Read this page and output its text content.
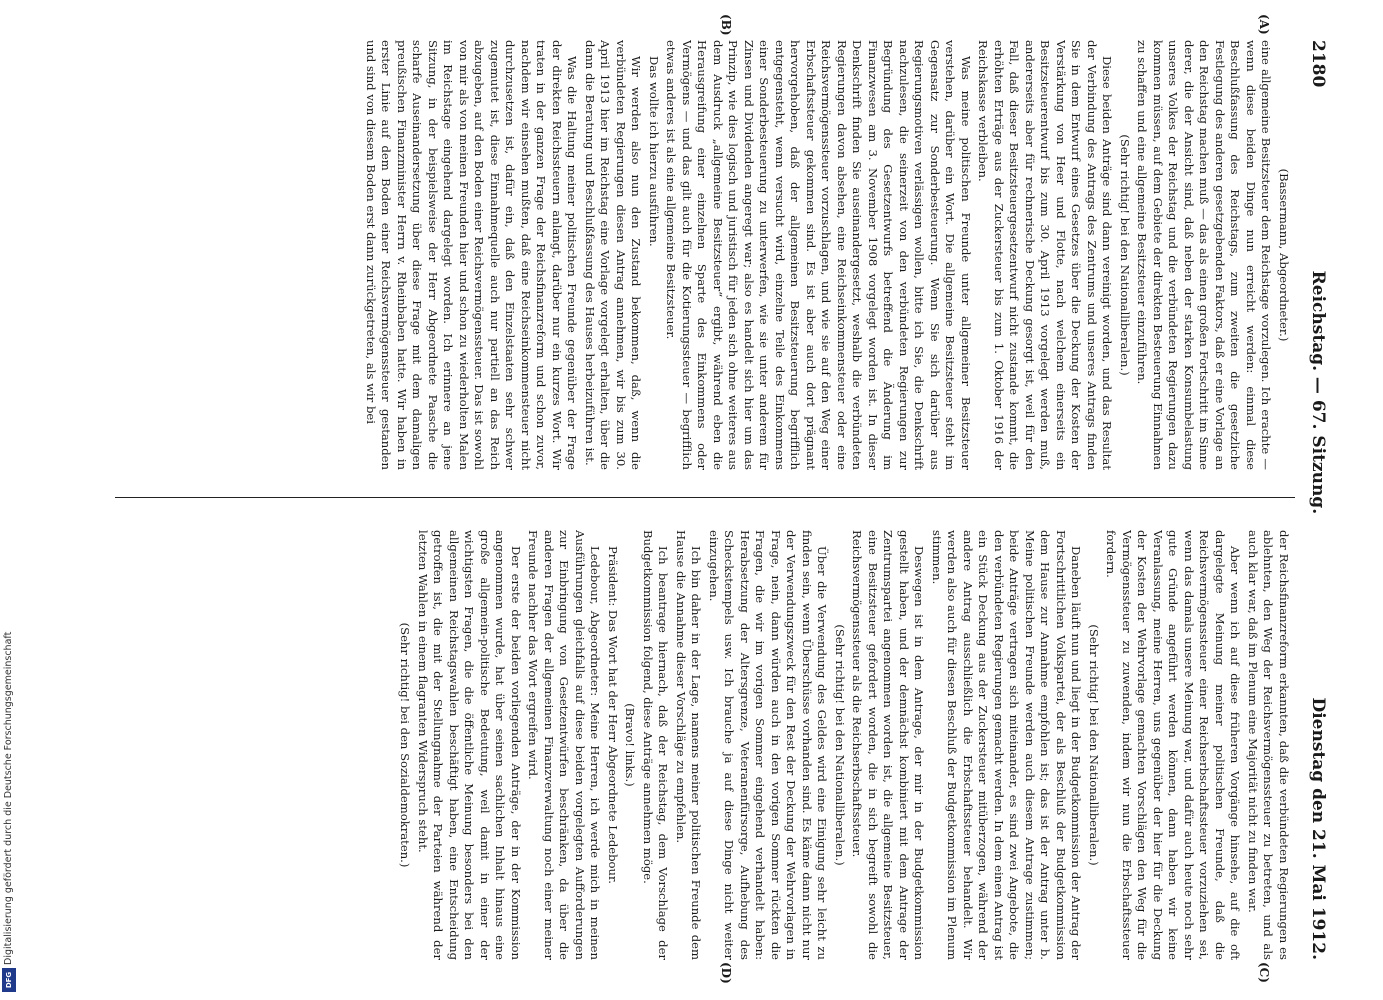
2180
Reichstag. — 67. Sitzung.
Dienstag den 21. Mai 1912.
(A)
(B)
(C)
(D)

(Bassermann, Abgeordneter.)

eine allgemeine Besitzsteuer dem Reichstage vorzulegen. Ich erachte — wenn diese beiden Dinge nun erreicht werden: einmal diese Beschlußfassung des Reichstags, zum zweiten die gesetzliche Festlegung des anderen gesetzgebenden Faktors, daß er eine Vorlage an den Reichstag machen muß — das als einen großen Fortschritt im Sinne derer, die der Ansicht sind, daß neben der starken Konsumbelastung unseres Volkes der Reichstag und die verbündeten Regierungen dazu kommen müssen, auf dem Gebiete der direkten Besteuerung Einnahmen zu schaffen und eine allgemeine Besitzsteuer einzuführen.

(Sehr richtig! bei den Nationalliberalen.)

Diese beiden Anträge sind dann vereinigt worden, und das Resultat der Verbindung des Antrags des Zentrums und unseres Antrags finden Sie in dem Entwurf eines Gesetzes über die Deckung der Kosten der Verstärkung von Heer und Flotte, nach welchem einerseits ein Besitzsteuerentwurf bis zum 30. April 1913 vorgelegt werden muß, andererseits aber für rechnerische Deckung gesorgt ist, weil für den Fall, daß dieser Besitzsteuergesetzentwurf nicht zustande kommt, die erhöhten Erträge aus der Zuckersteuer bis zum 1. Oktober 1916 der Reichskasse verbleiben.

Was meine politischen Freunde unter allgemeiner Besitzsteuer verstehen, darüber ein Wort. Die allgemeine Besitzsteuer steht im Gegensatz zur Sonderbesteuerung. Wenn Sie sich darüber aus Regierungsmotiven verlässigen wollen, bitte ich Sie, die Denkschrift nachzulesen, die seinerzeit von den verbündeten Regierungen zur Begründung des Gesetzentwurfs betreffend die Änderung im Finanzwesen am 3. November 1908 vorgelegt worden ist. In dieser Denkschrift finden Sie auseinandergesetzt, weshalb die verbündeten Regierungen davon absehen, eine Reichseinkommensteuer oder eine Reichsvermögenssteuer vorzuschlagen, und wie sie auf den Weg einer Erbschaftssteuer gekommen sind. Es ist aber auch dort prägnant hervorgehoben, daß der allgemeinen Besitzsteuerung begrifflich entgegensteht, wenn versucht wird, einzelne Teile des Einkommens einer Sonderbesteuerung zu unterwerfen, wie sie unter anderem für Zinsen und Dividenden angeregt war; also es handelt sich hier um das Prinzip, wie dies logisch und juristisch für jeden sich ohne weiteres aus dem Ausdruck „allgemeine Besitzsteuer“ ergibt, während eben die Herausgreifung einer einzelnen Sparte des Einkommens oder Vermögens — und das gilt auch für die Kotierungssteuer — begrifflich etwas anderes ist als eine allgemeine Besitzsteuer.

Das wollte ich hierzu ausführen.

Wir werden also nun den Zustand bekommen, daß, wenn die verbündeten Regierungen diesen Antrag annehmen, wir bis zum 30. April 1913 hier im Reichstag eine Vorlage vorgelegt erhalten, über die dann die Beratung und Beschlußfassung des Hauses herbeizuführen ist.

Was die Haltung meiner politischen Freunde gegenüber der Frage der direkten Reichssteuern anlangt, darüber nur ein kurzes Wort. Wir traten in der ganzen Frage der Reichsfinanzreform und schon zuvor, nachdem wir einsehen mußten, daß eine Reichseinkommensteuer nicht durchzusetzen ist, dafür ein, daß den Einzelstaaten sehr schwer zugemutet ist, diese Einnahmequelle auch nur partiell an das Reich abzugeben, auf den Boden einer Reichsvermögenssteuer. Das ist sowohl von mir als von meinen Freunden hier und schon zu wiederholten Malen im Reichstage eingehend dargelegt worden. Ich erinnere an jene Sitzung, in der beispielsweise der Herr Abgeordnete Paasche die scharfe Auseinandersetzung über diese Frage mit dem damaligen preußischen Finanzminister Herrn v. Rheinbaben hatte. Wir haben in erster Linie auf dem Boden einer Reichsvermögenssteuer gestanden und sind von diesem Boden erst dann zurückgetreten, als wir bei

der Reichsfinanzreform erkannten, daß die verbündeten Regierungen es ablehnten, den Weg der Reichsvermögenssteuer zu betreten, und als auch klar war, daß im Plenum eine Majorität nicht zu finden war.

Aber wenn ich auf diese früheren Vorgänge hinsehe, auf die oft dargelegte Meinung meiner politischen Freunde, daß die Reichsvermögenssteuer einer Reichserbschaftssteuer vorzuziehen sei, wenn das damals unsere Meinung war, und dafür auch heute noch sehr gute Gründe angeführt werden können, dann haben wir keine Veranlassung, meine Herren, uns gegenüber der hier für die Deckung der Kosten der Wehrvorlage gemachten Vorschlägen den Weg für die Vermögenssteuer zu zuwenden, indem wir nun die Erbschaftssteuer fordern.

(Sehr richtig! bei den Nationalliberalen.)

Daneben läuft nun und liegt in der Budgetkommission der Antrag der Fortschrittlichen Volkspartei, der als Beschluß der Budgetkommission dem Hause zur Annahme empfohlen ist; das ist der Antrag unter b. Meine politischen Freunde werden auch diesem Antrage zustimmen; beide Anträge vertragen sich miteinander, es sind zwei Angebote, die den verbündeten Regierungen gemacht werden. In dem einen Antrag ist ein Stück Deckung aus der Zuckersteuer mitüberzogen, während der andere Antrag ausschließlich die Erbschaftssteuer behandelt. Wir werden also auch für diesen Beschluß der Budgetkommission im Plenum stimmen.

Deswegen ist in dem Antrage, der mir in der Budgetkommission gestellt haben, und der demnächst kombiniert mit dem Antrage der Zentrumspartei angenommen worden ist, die allgemeine Besitzsteuer, eine Besitzsteuer gefordert worden, die in sich begreift sowohl die Reichsvermögenssteuer als die Reichserbschaftssteuer.

(Sehr richtig! bei den Nationalliberalen.)

Über die Verwendung des Geldes wird eine Einigung sehr leicht zu finden sein, wenn Überschüsse vorhanden sind. Es käme dann nicht nur der Verwendungszweck für den Rest der Deckung der Wehrvorlagen in Frage, nein, dann würden auch in den vorigen Sommer rückten die Fragen, die wir im vorigen Sommer eingehend verhandelt haben: Herabsetzung der Altersgrenze, Veteranenfürsorge, Aufhebung des Scheckstempels usw. Ich brauche ja auf diese Dinge nicht weiter einzugehen.

Ich bin daher in der Lage, namens meiner politischen Freunde dem Hause die Annahme dieser Vorschläge zu empfehlen.

Ich beantrage hiernach, daß der Reichstag, dem Vorschlage der Budgetkommission folgend, diese Anträge annehmen möge.

(Bravo! links.)

Präsident: Das Wort hat der Herr Abgeordnete Ledebour.

Ledebour, Abgeordneter: Meine Herren, ich werde mich in meinen Ausführungen gleichfalls auf diese beiden vorgelegten Aufforderungen zur Einbringung von Gesetzentwürfen beschränken, da über die anderen Fragen der allgemeinen Finanzverwaltung noch einer meiner Freunde nachher das Wort ergreifen wird.

Der erste der beiden vorliegenden Anträge, der in der Kommission angenommen wurde, hat über seinen sachlichen Inhalt hinaus eine große allgemein-politische Bedeutung, weil damit in einer der wichtigsten Fragen, die die öffentliche Meinung besonders bei den allgemeinen Reichstagswahlen beschäftigt haben, eine Entscheidung getroffen ist, die mit der Stellungnahme der Parteien während der letzten Wahlen in einem flagranten Widerspruch steht.

(Sehr richtig! bei den Sozialdemokraten.)

Digitalisierung gefördert durch die Deutsche Forschungsgemeinschaft
DFG
